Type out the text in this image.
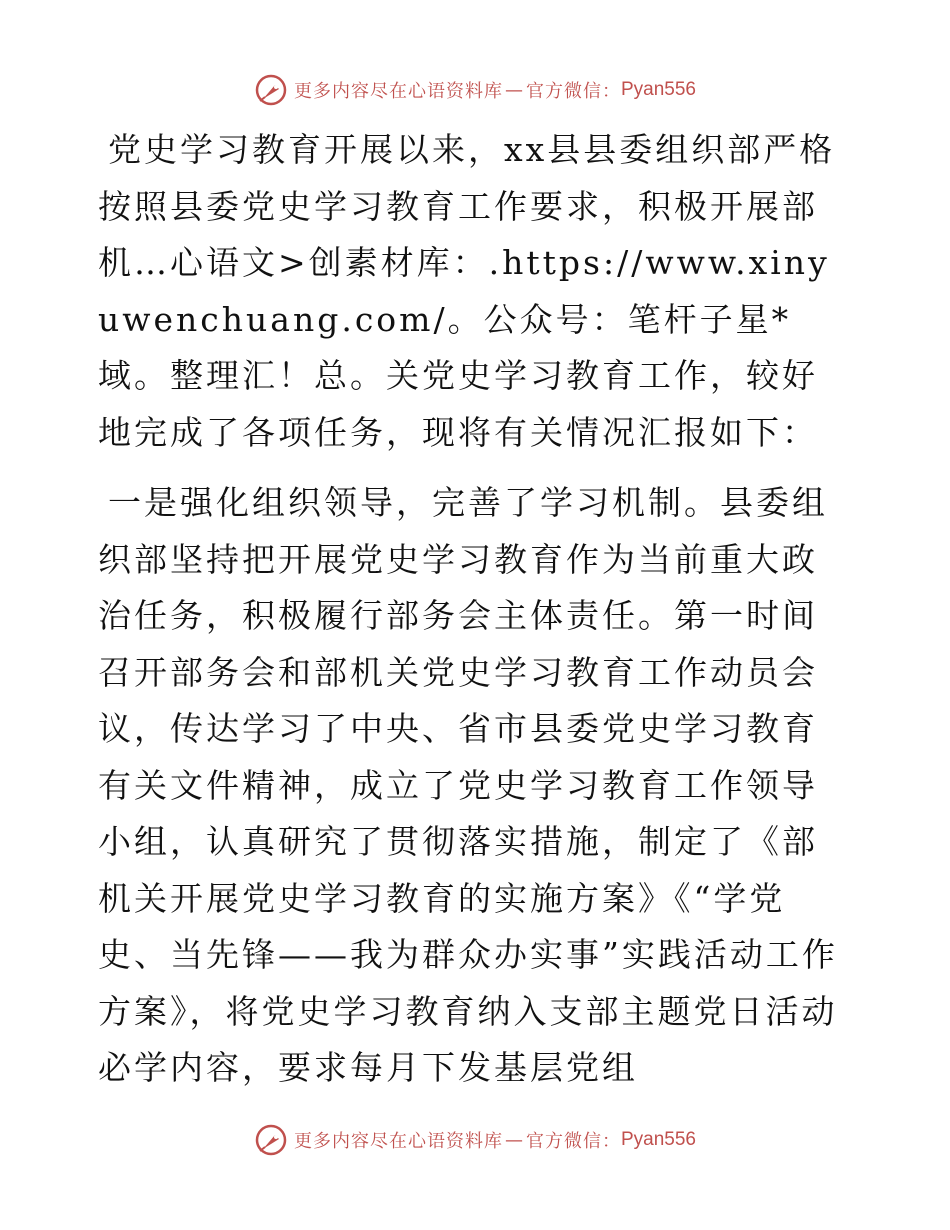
更多内容尽在心语资料库 — 官方微信： Pyan556

党史学习教育开展以来，xx县县委组织部严格按照县委党史学习教育工作要求，积极开展部机…心语文>创素材库：.https://www.xinyuwenchuang.com/。公众号：笔杆子星*域。整理汇！总。关党史学习教育工作，较好地完成了各项任务，现将有关情况汇报如下：

一是强化组织领导，完善了学习机制。县委组织部坚持把开展党史学习教育作为当前重大政治任务，积极履行部务会主体责任。第一时间召开部务会和部机关党史学习教育工作动员会议，传达学习了中央、省市县委党史学习教育有关文件精神，成立了党史学习教育工作领导小组，认真研究了贯彻落实措施，制定了《部机关开展党史学习教育的实施方案》《“学党史、当先锋——我为群众办实事”实践活动工作方案》，将党史学习教育纳入支部主题党日活动必学内容，要求每月下发基层党组

更多内容尽在心语资料库 — 官方微信： Pyan556
